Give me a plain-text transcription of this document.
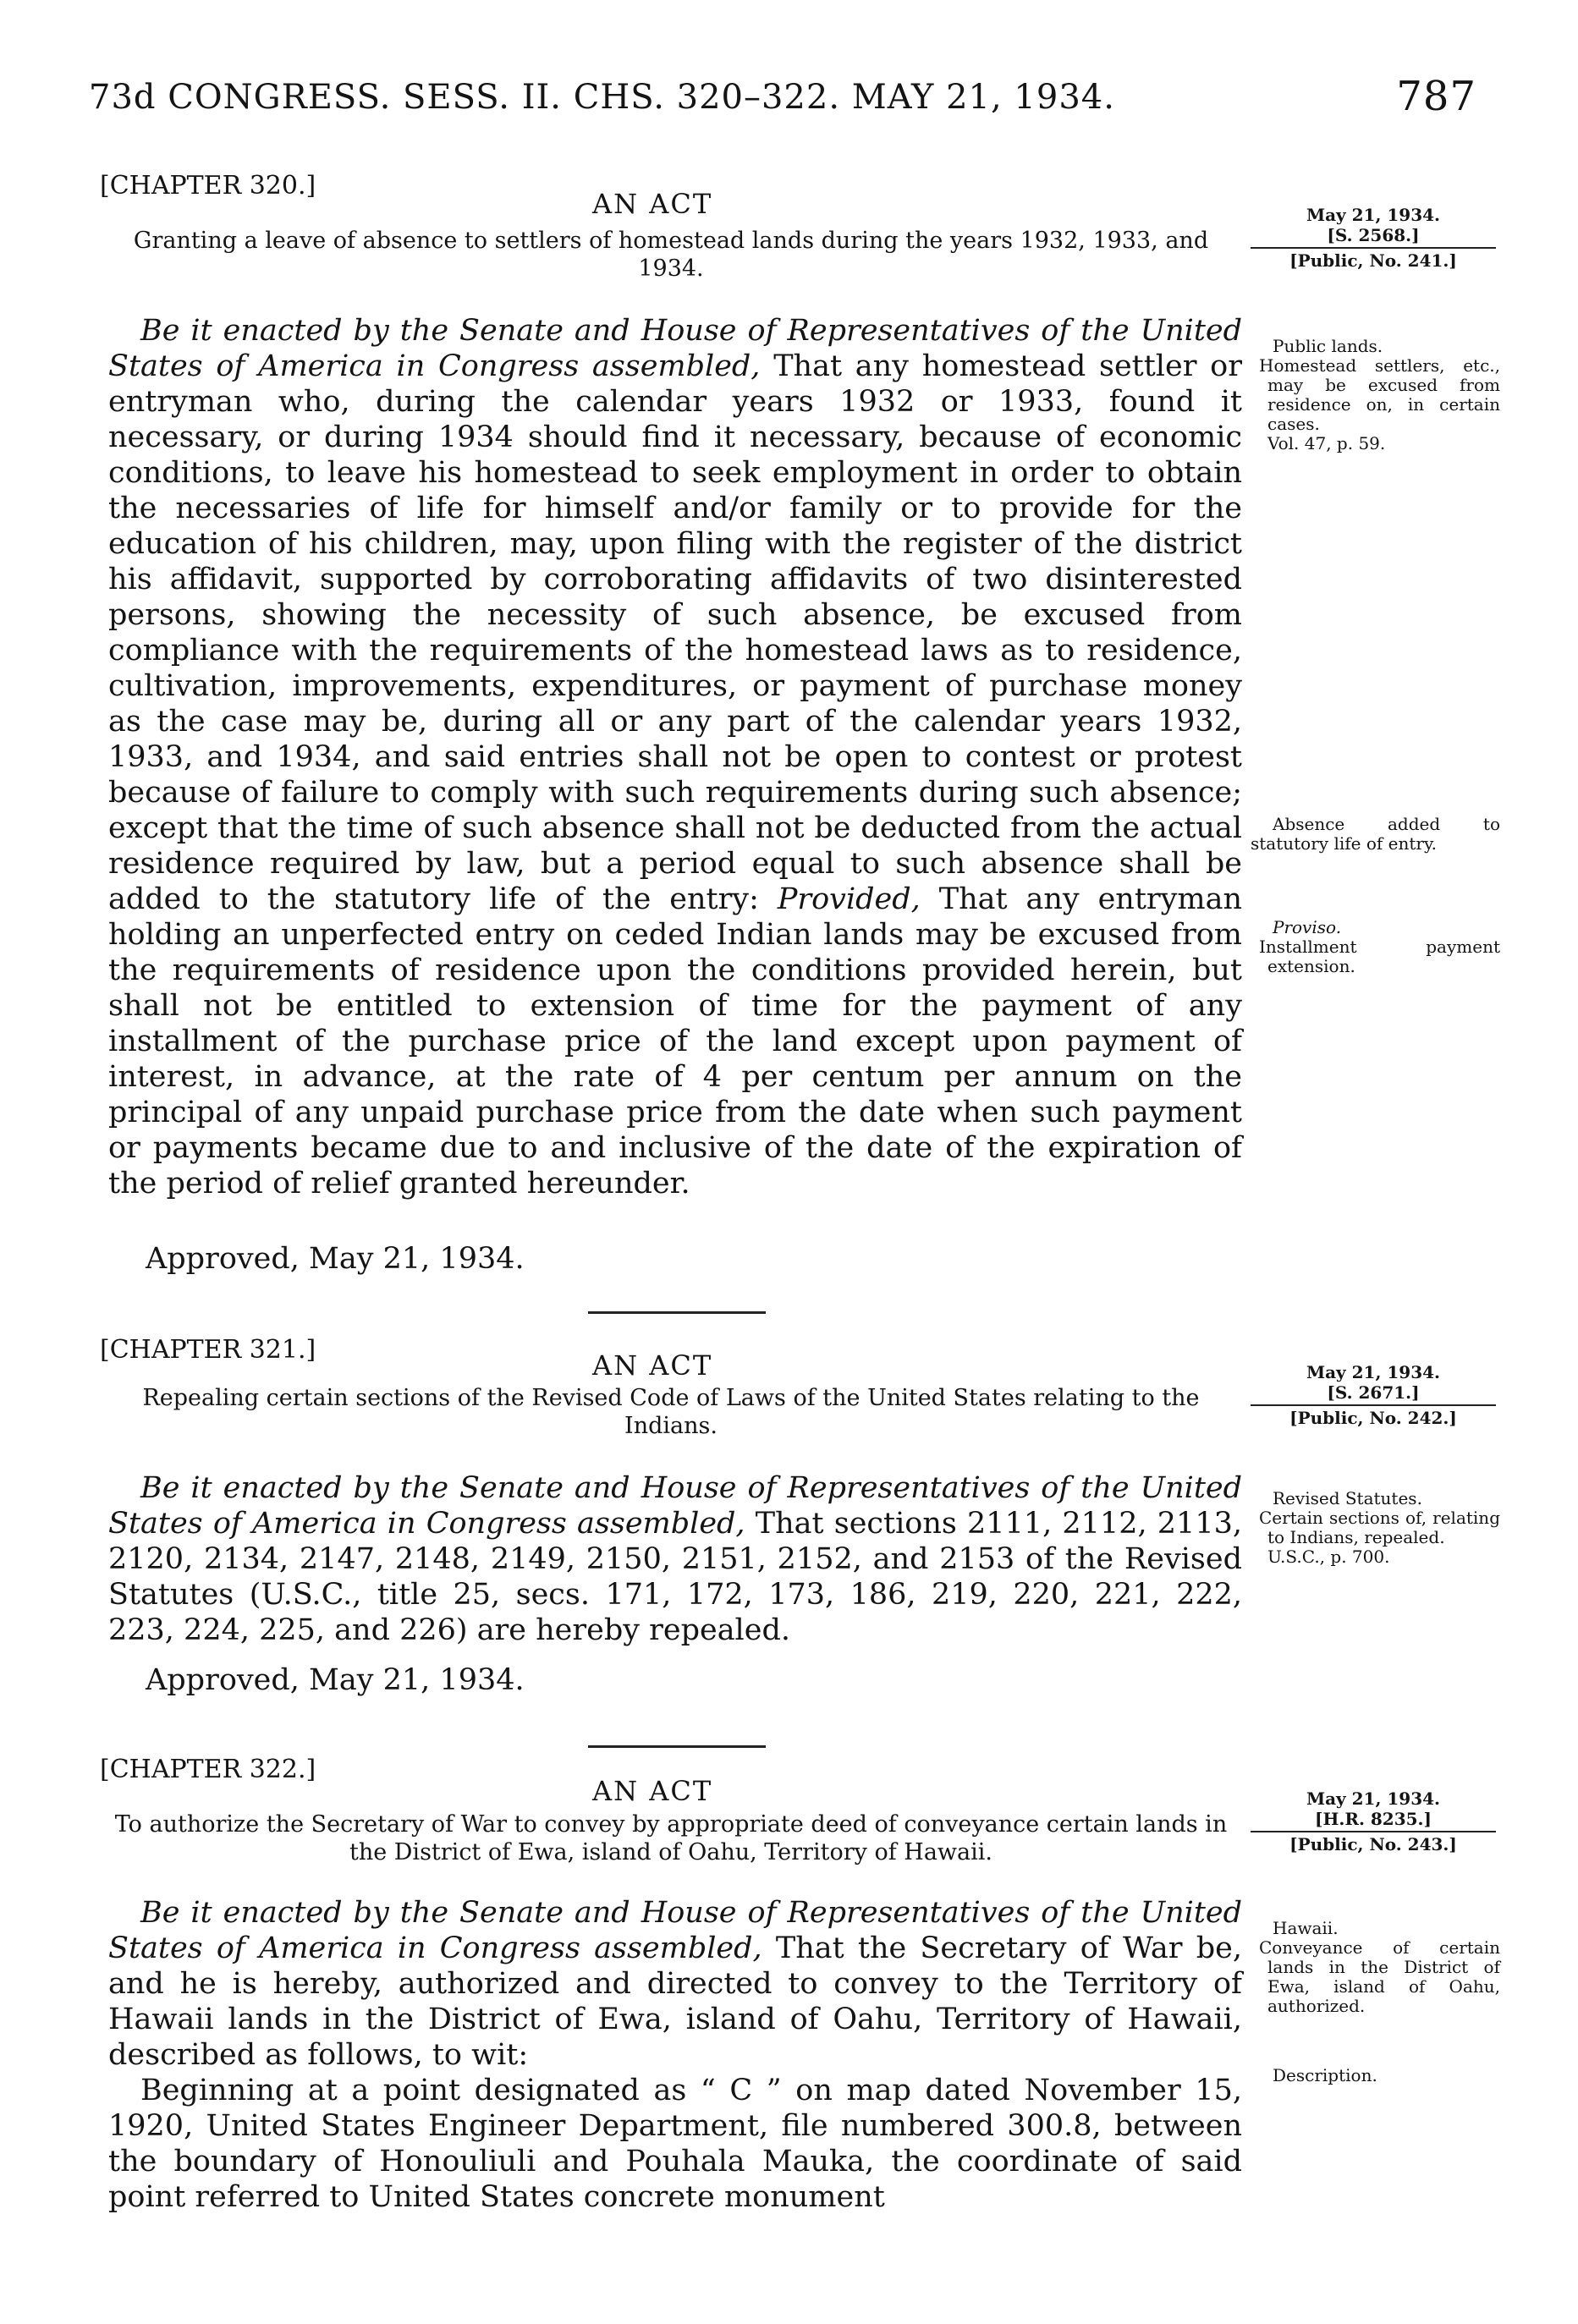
73d CONGRESS. SESS. II. CHS. 320–322. MAY 21, 1934.	787
[CHAPTER 320.]
AN ACT
Granting a leave of absence to settlers of homestead lands during the years 1932, 1933, and 1934.
May 21, 1934.
[S. 2568.]
[Public, No. 241.]

Be it enacted by the Senate and House of Representatives of the United States of America in Congress assembled, That any homestead settler or entryman who, during the calendar years 1932 or 1933, found it necessary, or during 1934 should find it necessary, because of economic conditions, to leave his homestead to seek employment in order to obtain the necessaries of life for himself and/or family or to provide for the education of his children, may, upon filing with the register of the district his affidavit, supported by corroborating affidavits of two disinterested persons, showing the necessity of such absence, be excused from compliance with the requirements of the homestead laws as to residence, cultivation, improvements, expenditures, or payment of purchase money as the case may be, during all or any part of the calendar years 1932, 1933, and 1934, and said entries shall not be open to contest or protest because of failure to comply with such requirements during such absence; except that the time of such absence shall not be deducted from the actual residence required by law, but a period equal to such absence shall be added to the statutory life of the entry: Provided, That any entryman holding an unperfected entry on ceded Indian lands may be excused from the requirements of residence upon the conditions provided herein, but shall not be entitled to extension of time for the payment of any installment of the purchase price of the land except upon payment of interest, in advance, at the rate of 4 per centum per annum on the principal of any unpaid purchase price from the date when such payment or payments became due to and inclusive of the date of the expiration of the period of relief granted hereunder.

Approved, May 21, 1934.
Public lands.
Homestead settlers, etc., may be excused from residence on, in certain cases.
Vol. 47, p. 59.
Absence added to statutory life of entry.
Proviso.
Installment payment extension.
[CHAPTER 321.]	AN ACT
Repealing certain sections of the Revised Code of Laws of the United States relating to the Indians.
May 21, 1934.
[S. 2671.]
[Public, No. 242.]

Be it enacted by the Senate and House of Representatives of the United States of America in Congress assembled, That sections 2111, 2112, 2113, 2120, 2134, 2147, 2148, 2149, 2150, 2151, 2152, and 2153 of the Revised Statutes (U.S.C., title 25, secs. 171, 172, 173, 186, 219, 220, 221, 222, 223, 224, 225, and 226) are hereby repealed.

Approved, May 21, 1934.
Revised Statutes.
Certain sections of, relating to Indians, repealed.
U.S.C., p. 700.
[CHAPTER 322.]
AN ACT
To authorize the Secretary of War to convey by appropriate deed of conveyance certain lands in the District of Ewa, island of Oahu, Territory of Hawaii.
May 21, 1934.
[H.R. 8235.]
[Public, No. 243.]

Be it enacted by the Senate and House of Representatives of the United States of America in Congress assembled, That the Secretary of War be, and he is hereby, authorized and directed to convey to the Territory of Hawaii lands in the District of Ewa, island of Oahu, Territory of Hawaii, described as follows, to wit:

Beginning at a point designated as “ C ” on map dated November 15, 1920, United States Engineer Department, file numbered 300.8, between the boundary of Honouliuli and Pouhala Mauka, the coordinate of said point referred to United States concrete monument

Hawaii.
Conveyance of certain lands in the District of Ewa, island of Oahu, authorized.
Description.
